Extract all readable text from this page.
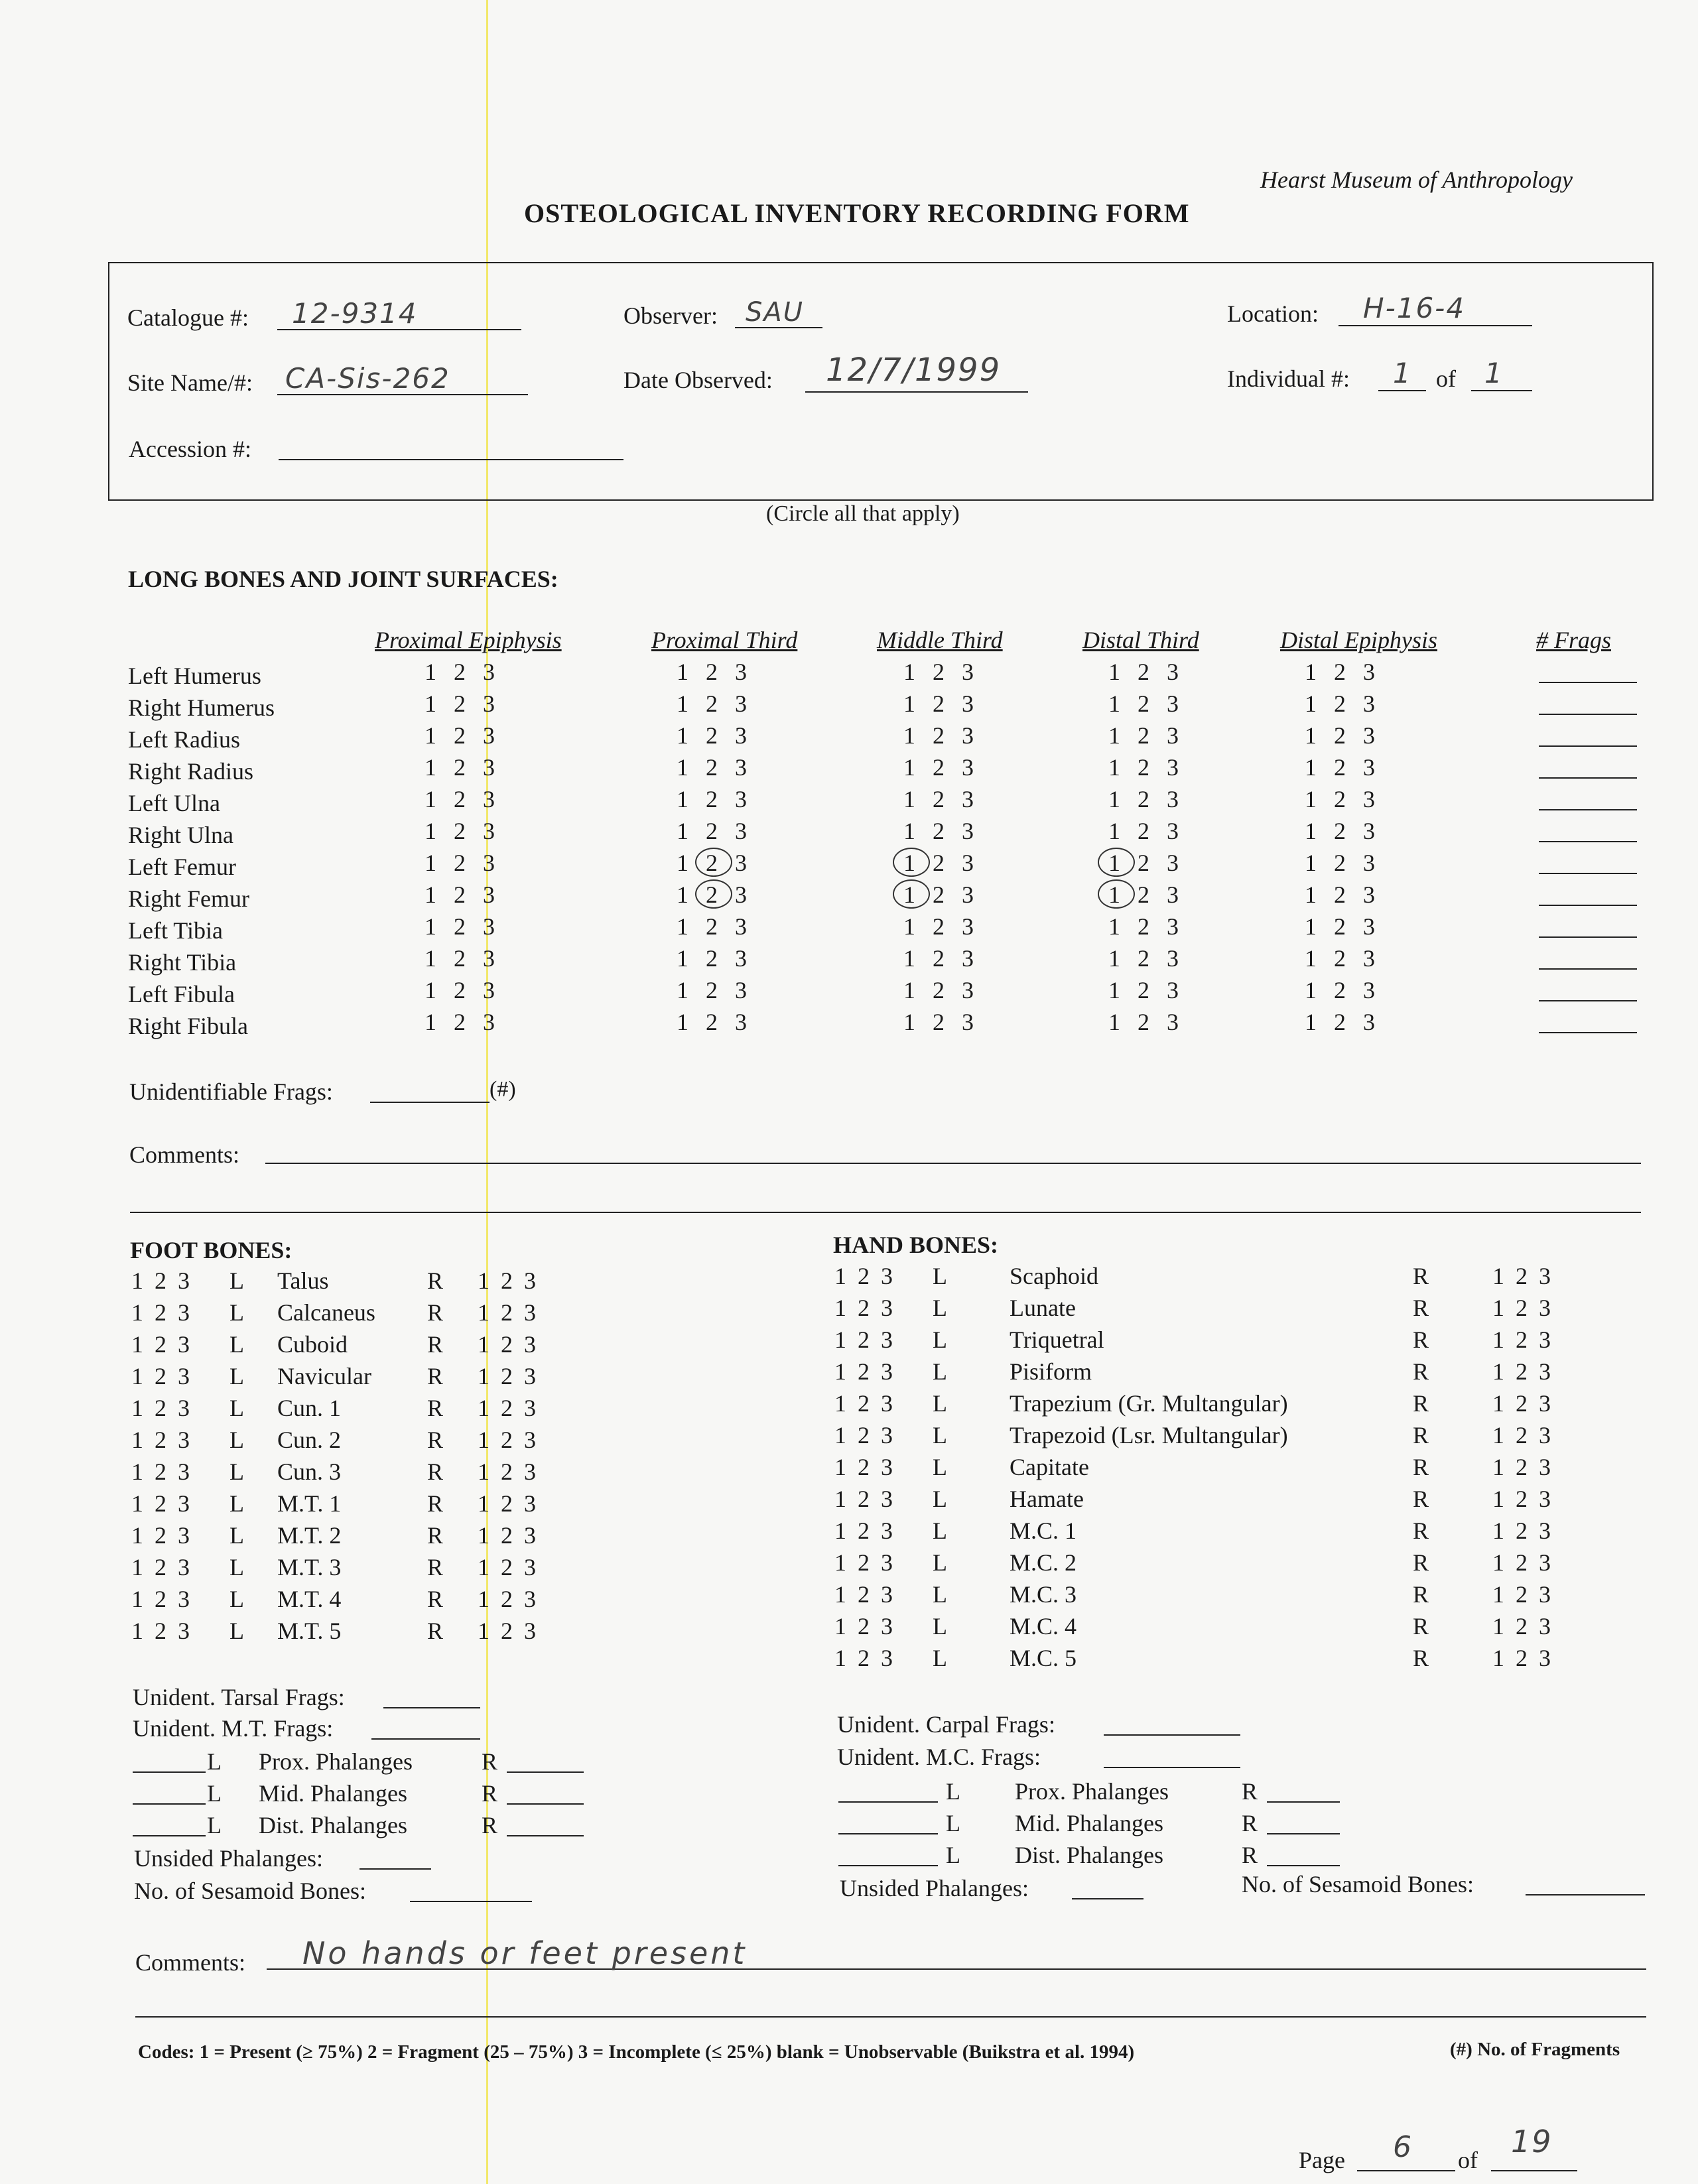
Hearst Museum of Anthropology
OSTEOLOGICAL INVENTORY RECORDING FORM
Catalogue #: 12-9314	Observer: SAU	Location: H-16-4
Site Name/#: CA-Sis-262	Date Observed: 12/7/1999	Individual #: 1 of 1
Accession #:
(Circle all that apply)
LONG BONES AND JOINT SURFACES:
Proximal Epiphysis	Proximal Third	Middle Third	Distal Third	Distal Epiphysis	# Frags
Left Humerus	1 2 3	1 2 3	1 2 3	1 2 3	1 2 3
Right Humerus	1 2 3	1 2 3	1 2 3	1 2 3	1 2 3
Left Radius	1 2 3	1 2 3	1 2 3	1 2 3	1 2 3
Right Radius	1 2 3	1 2 3	1 2 3	1 2 3	1 2 3
Left Ulna	1 2 3	1 2 3	1 2 3	1 2 3	1 2 3
Right Ulna	1 2 3	1 2 3	1 2 3	1 2 3	1 2 3
Left Femur	1 2 3	1 2 3	1 2 3	1 2 3	1 2 3
Right Femur	1 2 3	1 2 3	1 2 3	1 2 3	1 2 3
Left Tibia	1 2 3	1 2 3	1 2 3	1 2 3	1 2 3
Right Tibia	1 2 3	1 2 3	1 2 3	1 2 3	1 2 3
Left Fibula	1 2 3	1 2 3	1 2 3	1 2 3	1 2 3
Right Fibula	1 2 3	1 2 3	1 2 3	1 2 3	1 2 3
Unidentifiable Frags:	(#)
Comments:
FOOT BONES:
1 2 3 L Talus	R 1 2 3
1 2 3 L Calcaneus R 1 2 3
1 2 3 L Cuboid	R 1 2 3
1 2 3 L Navicular R 1 2 3
1 2 3 L Cun. 1	R 1 2 3
1 2 3 L Cun. 2	R 1 2 3
1 2 3 L Cun. 3	R 1 2 3
1 2 3 L M.T. 1	R 1 2 3
1 2 3 L M.T. 2	R 1 2 3
1 2 3 L M.T. 3	R 1 2 3
1 2 3 L M.T. 4	R 1 2 3
1 2 3 L M.T. 5	R 1 2 3
Unident. Tarsal Frags:
Unident. M.T. Frags:
L Prox. Phalanges	R
L Mid. Phalanges	R
L Dist. Phalanges	R
Unsided Phalanges:
No. of Sesamoid Bones:
HAND BONES:
1 2 3 L	Scaphoid	R	1 2 3
1 2 3 L	Lunate	R	1 2 3
1 2 3 L	Triquetral	R	1 2 3
1 2 3 L	Pisiform	R	1 2 3
1 2 3 L	Trapezium (Gr. Multangular)	R	1 2 3
1 2 3 L	Trapezoid (Lsr. Multangular)	R	1 2 3
1 2 3 L	Capitate	R	1 2 3
1 2 3 L	Hamate	R	1 2 3
1 2 3 L	M.C. 1	R	1 2 3
1 2 3 L	M.C. 2	R	1 2 3
1 2 3 L	M.C. 3	R	1 2 3
1 2 3 L	M.C. 4	R	1 2 3
1 2 3 L	M.C. 5	R	1 2 3
Unident. Carpal Frags:
Unident. M.C. Frags:
L Prox. Phalanges	R
L Mid. Phalanges	R
L Dist. Phalanges	R
Unsided Phalanges:	No. of Sesamoid Bones:
Comments: No hands or feet present
Codes: 1 = Present (≥ 75%) 2 = Fragment (25 – 75%) 3 = Incomplete (≤ 25%) blank = Unobservable (Buikstra et al. 1994)	(#) No. of Fragments
Page 6 of
19
